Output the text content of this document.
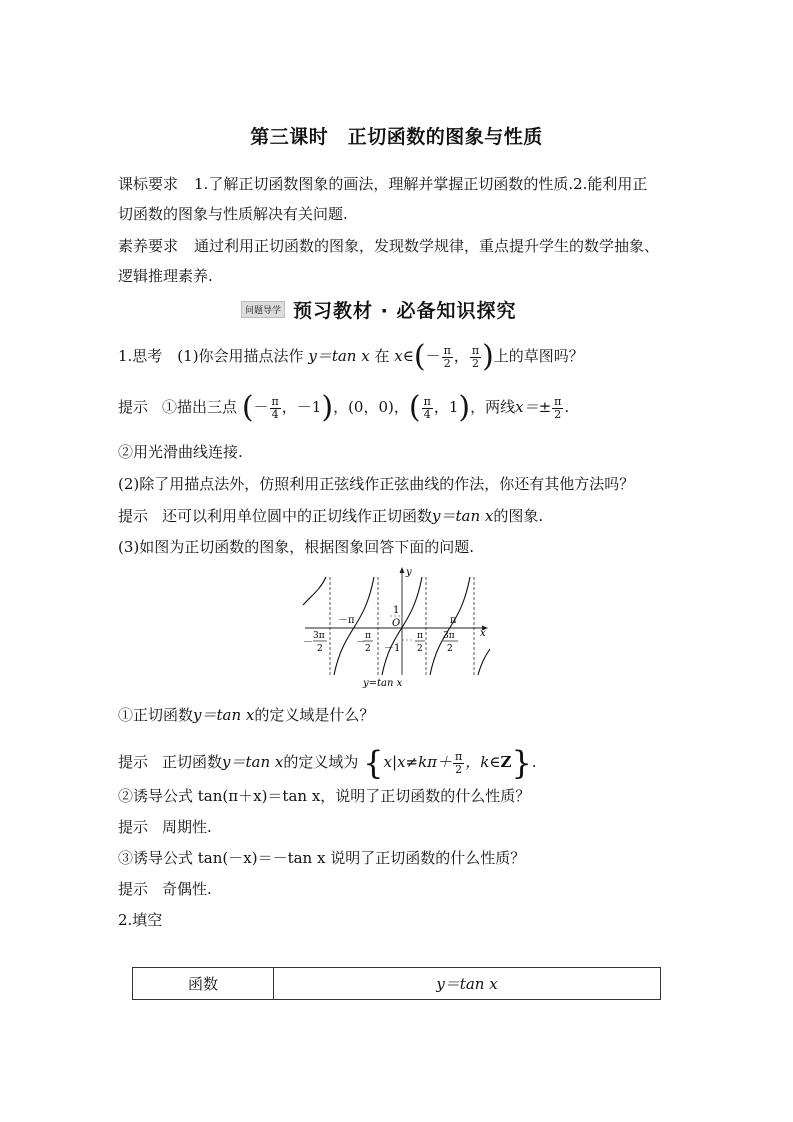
第三课时　正切函数的图象与性质
课标要求 1.了解正切函数图象的画法，理解并掌握正切函数的性质.2.能利用正
切函数的图象与性质解决有关问题.
素养要求 通过利用正切函数的图象，发现数学规律，重点提升学生的数学抽象、
逻辑推理素养.
问题导学 预习教材 · 必备知识探究
1.思考　(1)你会用描点法作 y＝tan x 在 x∈(－ $\frac{\pi}{2}$ ， $\frac{\pi}{2}$ )上的草图吗？
提示 ①描出三点 (－ $\frac{\pi}{4}$ ，－1)，(0，0)，( $\frac{\pi}{4}$ ，1)，两线$x=\pm \frac{\pi}{2}$ .
②用光滑曲线连接.
(2)除了用描点法外，仿照利用正弦线作正弦曲线的作法，你还有其他方法吗？
提示 还可以利用单位圆中的正切线作正切函数y＝tan x的图象.
(3)如图为正切函数的图象，根据图象回答下面的问题.
y
x
O
1
－1
－π	π
－
3π
2
－
π
2
π
2
3π
2
y=tan x
①正切函数y＝tan x的定义域是什么？
提示 正切函数y＝tan x的定义域为 {$x|x\ne k\pi+ \frac{\pi}{2}$ ，k∈Z}.
②诱导公式 tan(π＋x)＝tan x，说明了正切函数的什么性质？
提示 周期性.
③诱导公式 tan(－x)＝－tan x 说明了正切函数的什么性质？
提示 奇偶性.
2.填空
函数	y＝tan x
